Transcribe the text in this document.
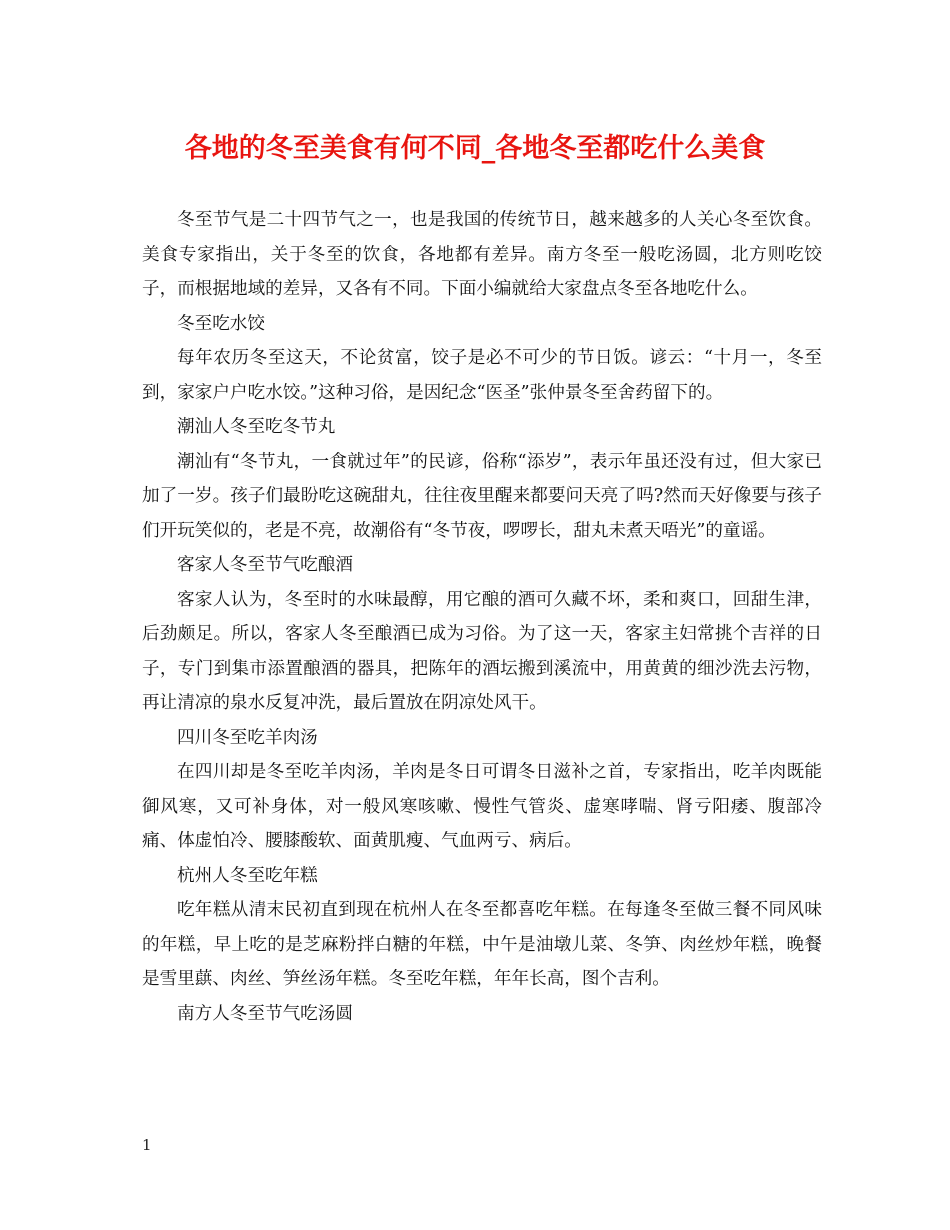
各地的冬至美食有何不同_各地冬至都吃什么美食

冬至节气是二十四节气之一，也是我国的传统节日，越来越多的人关心冬至饮食。美食专家指出，关于冬至的饮食，各地都有差异。南方冬至一般吃汤圆，北方则吃饺子，而根据地域的差异，又各有不同。下面小编就给大家盘点冬至各地吃什么。

冬至吃水饺

每年农历冬至这天，不论贫富，饺子是必不可少的节日饭。谚云：“十月一，冬至到，家家户户吃水饺。”这种习俗，是因纪念“医圣”张仲景冬至舍药留下的。

潮汕人冬至吃冬节丸

潮汕有“冬节丸，一食就过年”的民谚，俗称“添岁”，表示年虽还没有过，但大家已加了一岁。孩子们最盼吃这碗甜丸，往往夜里醒来都要问天亮了吗?然而天好像要与孩子们开玩笑似的，老是不亮，故潮俗有“冬节夜，啰啰长，甜丸未煮天唔光”的童谣。

客家人冬至节气吃酿酒

客家人认为，冬至时的水味最醇，用它酿的酒可久藏不坏，柔和爽口，回甜生津，后劲颇足。所以，客家人冬至酿酒已成为习俗。为了这一天，客家主妇常挑个吉祥的日子，专门到集市添置酿酒的器具，把陈年的酒坛搬到溪流中，用黄黄的细沙洗去污物，再让清凉的泉水反复冲洗，最后置放在阴凉处风干。

四川冬至吃羊肉汤

在四川却是冬至吃羊肉汤，羊肉是冬日可谓冬日滋补之首，专家指出，吃羊肉既能御风寒，又可补身体，对一般风寒咳嗽、慢性气管炎、虚寒哮喘、肾亏阳痿、腹部冷痛、体虚怕冷、腰膝酸软、面黄肌瘦、气血两亏、病后。

杭州人冬至吃年糕

吃年糕从清末民初直到现在杭州人在冬至都喜吃年糕。在每逢冬至做三餐不同风味的年糕，早上吃的是芝麻粉拌白糖的年糕，中午是油墩儿菜、冬笋、肉丝炒年糕，晚餐是雪里蕻、肉丝、笋丝汤年糕。冬至吃年糕，年年长高，图个吉利。

南方人冬至节气吃汤圆

1
